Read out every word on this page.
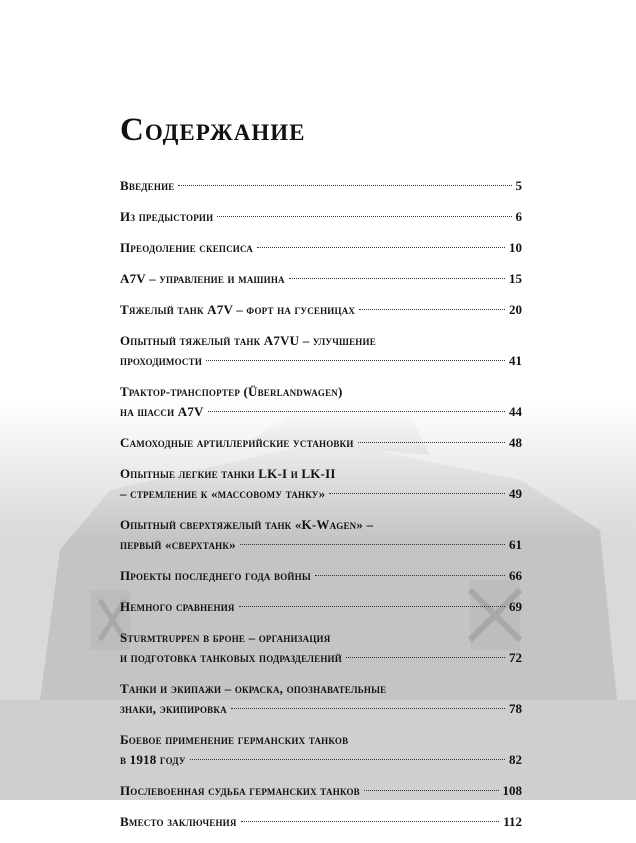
Содержание
Введение	5
Из предыстории	6
Преодоление скепсиса	10
A7V – управление и машина	15
Тяжелый танк A7V – форт на гусеницах	20
Опытный тяжелый танк A7VU – улучшение
проходимости	41
Трактор-транспортер (Überlandwagen)
на шасси A7V	44
Самоходные артиллерийские установки	48
Опытные легкие танки LK-I и LK-II
– стремление к «массовому танку»	49
Опытный сверхтяжелый танк «K-Wagen» –
первый «сверхтанк»	61
Проекты последнего года войны	66
Немного сравнения	69
Sturmtruppen в броне – организация
и подготовка танковых подразделений	72
Танки и экипажи – окраска, опознавательные
знаки, экипировка	78
Боевое применение германских танков
в 1918 году	82
Послевоенная судьба германских танков	108
Вместо заключения	112
